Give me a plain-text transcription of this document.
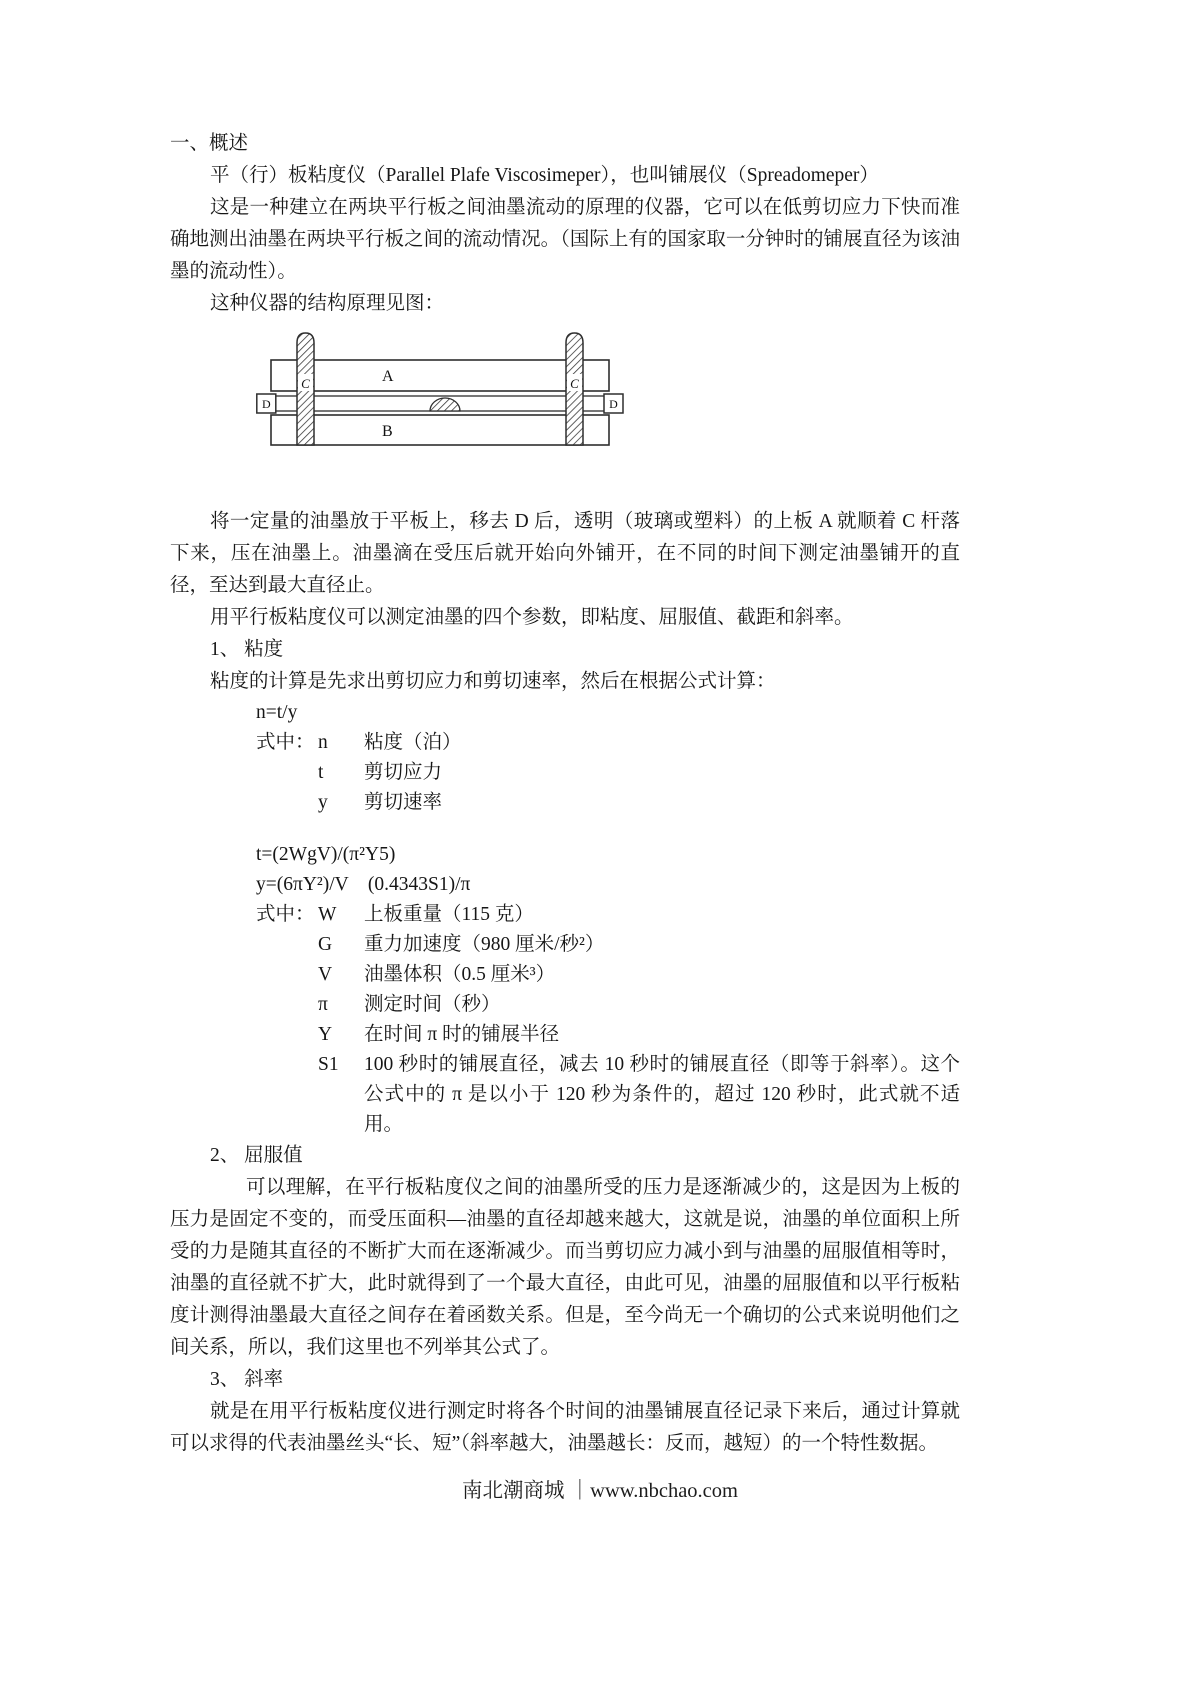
一、概述

平（行）板粘度仪（Parallel Plafe Viscosimeper），也叫铺展仪（Spreadomeper）

这是一种建立在两块平行板之间油墨流动的原理的仪器，它可以在低剪切应力下快而准确地测出油墨在两块平行板之间的流动情况。（国际上有的国家取一分钟时的铺展直径为该油墨的流动性）。

这种仪器的结构原理见图：

A
B
C	C
D	D

将一定量的油墨放于平板上，移去 D 后，透明（玻璃或塑料）的上板 A 就顺着 C 杆落下来，压在油墨上。油墨滴在受压后就开始向外铺开，在不同的时间下测定油墨铺开的直径，至达到最大直径止。

用平行板粘度仪可以测定油墨的四个参数，即粘度、屈服值、截距和斜率。

1、 粘度

粘度的计算是先求出剪切应力和剪切速率，然后在根据公式计算：

n=t/y

式中： n	粘度（泊）
t	剪切应力
y	剪切速率

t=(2WgV)/(π²Y5)

y=(6πY²)/V　(0.4343S1)/π

式中： W	上板重量（115 克）
G	重力加速度（980 厘米/秒²）
V	油墨体积（0.5 厘米³）
π	测定时间（秒）
Y	在时间 π 时的铺展半径
S1	100 秒时的铺展直径，减去 10 秒时的铺展直径（即等于斜率）。这个公式中的 π 是以小于 120 秒为条件的，超过 120 秒时，此式就不适用。

2、 屈服值

可以理解，在平行板粘度仪之间的油墨所受的压力是逐渐减少的，这是因为上板的压力是固定不变的，而受压面积—油墨的直径却越来越大，这就是说，油墨的单位面积上所受的力是随其直径的不断扩大而在逐渐减少。而当剪切应力减小到与油墨的屈服值相等时，油墨的直径就不扩大，此时就得到了一个最大直径，由此可见，油墨的屈服值和以平行板粘度计测得油墨最大直径之间存在着函数关系。但是，至今尚无一个确切的公式来说明他们之间关系，所以，我们这里也不列举其公式了。

3、 斜率

就是在用平行板粘度仪进行测定时将各个时间的油墨铺展直径记录下来后，通过计算就可以求得的代表油墨丝头“长、短”（斜率越大，油墨越长：反而，越短）的一个特性数据。

南北潮商城 ｜www.nbchao.com
